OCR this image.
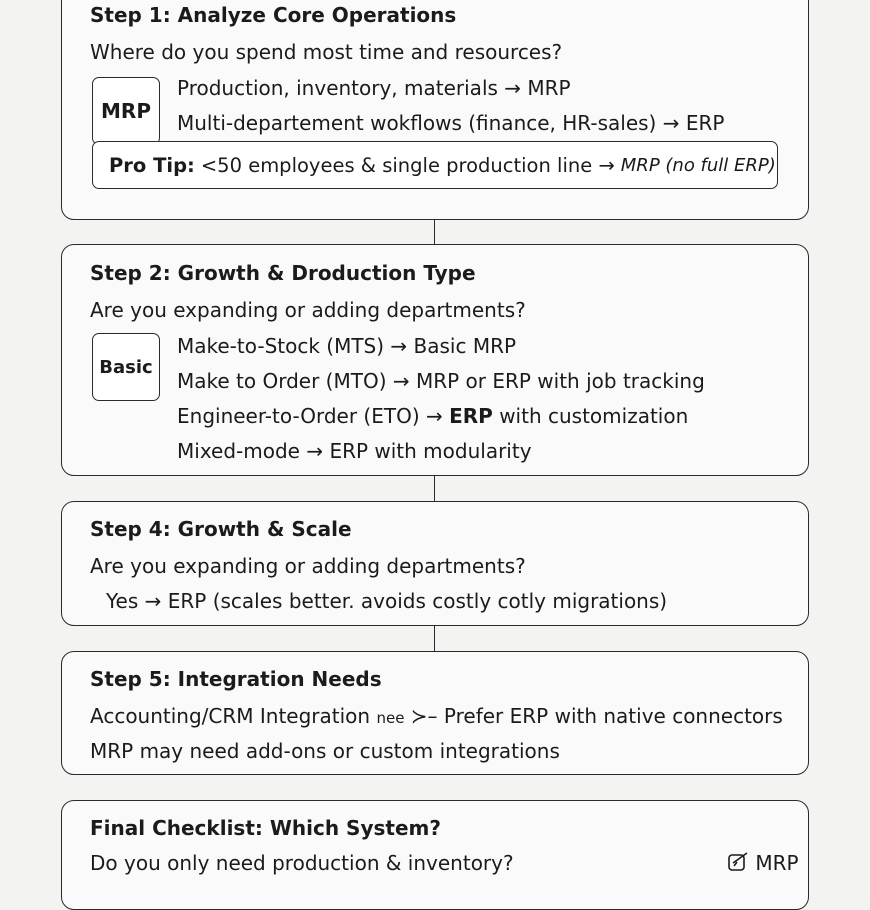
Step 1: Analyze Core Operations
Where do you spend most time and resources?
MRP
Production, inventory, materials → MRP
Multi-departement wokflows (finance, HR-sales) → ERP
Pro Tip: <50 employees & single production line → MRP (no full ERP)
Step 2: Growth & Droduction Type
Are you expanding or adding departments?
Basic
Make-to-Stock (MTS) → Basic MRP
Make to Order (MTO) → MRP or ERP with job tracking
Engineer-to-Order (ETO) → ERP with customization
Mixed-mode → ERP with modularity
Step 4: Growth & Scale
Are you expanding or adding departments?
Yes → ERP (scales better. avoids costly cotly migrations)
Step 5: Integration Needs
Accounting/CRM Integration nee ≻– Prefer ERP with native connectors
MRP may need add-ons or custom integrations
Final Checklist: Which System?
Do you only need production & inventory?	MRP
